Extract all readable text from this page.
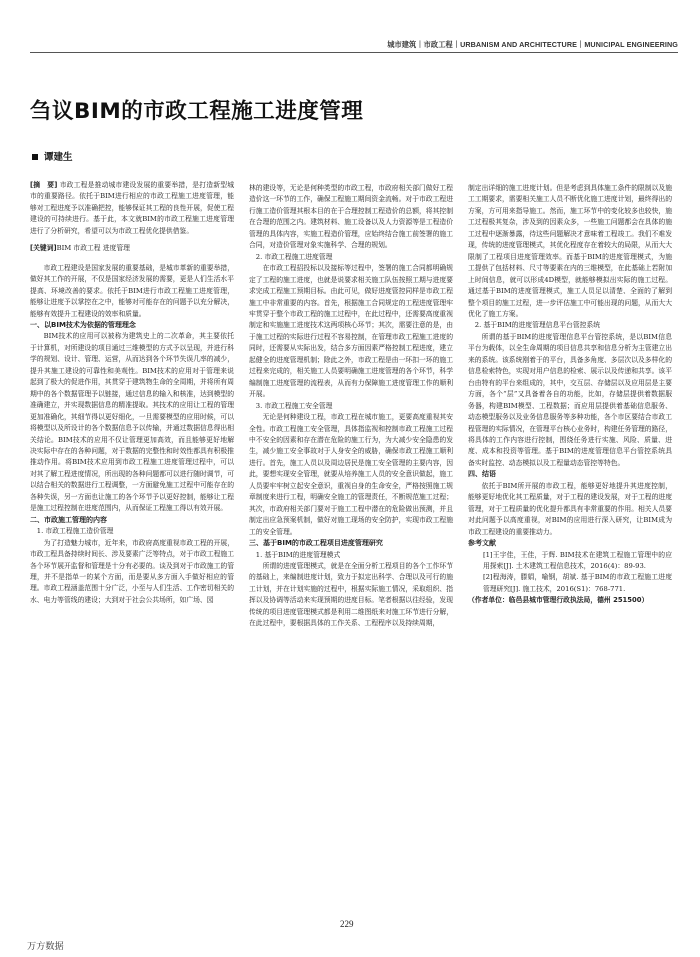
城市建筑｜市政工程｜URBANISM AND ARCHITECTURE｜MUNICIPAL ENGINEERING
刍议BIM的市政工程施工进度管理
谭建生

[摘　要] 市政工程是推动城市建设发展的重要举措，是打造新型城市的重要路径。依托于BIM进行相应的市政工程施工进度管理，能够对工程进度予以准确把控，能够保证其工程的良性开展，促使工程建设的可持续进行。基于此，本文就BIM的市政工程施工进度管理进行了分析研究，希望可以为市政工程优化提供借鉴。

[关键词]BIM 市政工程 进度管理

市政工程建设是国家发展的重要基础，是城市革新的重要举措，做好其工作的开展，不仅是国家经济发展的需要，更是人们生活水平提高、环境改善的要求。依托于BIM进行市政工程施工进度管理，能够让进度予以掌控在之中，能够对可能存在的问题予以充分解决，能够有效提升工程建设的效率和质量。

一、以BIM技术为依据的管理理念

BIM技术的应用可以被称为建筑史上的二次革命，其主要依托于计算机，对所建设的项目通过三维模型的方式予以呈现，并进行科学的规划、设计、管理、运营，从而达到各个环节失误几率的减少，提升其施工建设的可靠性和美观性。BIM技术的应用对于管理来说起到了极大的促进作用，其贯穿于建筑物生命的全周期，并将所有周期中的各个数据管理予以链接，通过信息的输入和核准，达到模型的准确建立，并实现数据信息的精准提取。其技术的应用让工程的管理更加准确化，其细节得以更好细化，一旦需要模型的应用时候，可以将模型以及所设计的各个数据信息予以传输，并通过数据信息得出相关结论。BIM技术的应用不仅让管理更加高效，而且能够更好地解决实际中存在的各种问题，对于数据的完整性和时效性都具有积极推推动作用。将BIM技术应用到市政工程施工进度管理过程中，可以对其了解工程进度情况，所出现的各种问题都可以进行随时调节，可以结合相关的数据进行工程调整，一方面避免施工过程中可能存在的各种失误，另一方面也让施工的各个环节予以更好控制，能够让工程是施工过程控制在进度范围内，从而保证工程施工得以有效开展。

二、市政施工管理的内容

1. 市政工程施工造价管理

为了打造魅力城市，近年来，市政府高度重视市政工程的开展，市政工程具备持续时间长、涉及要素广泛等特点，对于市政工程施工各个环节展开监督和管理是十分有必要的。谈及到对于市政施工的管理，并不是指单一的某个方面，而是要从多方面入手做好相应的管理。市政工程涵盖范围十分广泛，小至与人们生活、工作密切相关的水、电力等管线的建设；大到对于社会公共场所，如广场、园

林的建设等，无论是何种类型的市政工程，市政府相关部门做好工程造价这一环节的工作，确保工程施工期间资金流畅。对于市政工程进行施工造价管理其根本目的在于合理控制工程造价的总额，将其控制在合理的范围之内。建筑材料、施工设备以及人力资源等是工程造价管理的具体内容，实施工程造价管理，应始终结合施工前签署的施工合同，对造价管理对象实施科学、合理的规划。

2. 市政工程施工进度管理

在市政工程招投标以及接标等过程中，签署的施工合同都明确规定了工程的施工进度，也就是说要求相关施工队伍按照工期与进度要求完成工程施工预期目标。由此可见，做好进度管控同样是市政工程施工中非常重要的内容。首先，根据施工合同规定的工程进度管理牢牢贯穿于整个市政工程的施工过程中，在此过程中，还需要高度重视制定和实施施工进度技术这两项核心环节；其次，需要注意的是，由于施工过程的实际进行过程不容易控制，在管理市政工程施工进度的同时，还需要从实际出发，结合多方面因素严格控制工程进度，建立起健全的进度管理机制；除此之外，市政工程是由一环扣一环的施工过程来完成的，相关施工人员要明确施工进度管理的各个环节，科学编制施工进度管理的流程表，从而有力保障施工进度管理工作的顺利开展。

3. 市政工程施工安全管理

无论是何种建设工程，市政工程在城市施工，更要高度重视其安全性。市政工程施工安全管理，具体指监视和控制市政工程施工过程中不安全的因素和存在潜在危险的施工行为，为大减少安全隐患的发生，减少施工安全事故对于人身安全的威胁，确保市政工程施工顺利进行。首先，施工人员以及周边居民是施工安全管理的主要内容，因此，要想实现安全管理，就要从培养施工人员的安全意识做起，施工人员要牢牢树立起安全意识，重视自身的生命安全，严格按照施工规章制度来进行工程，明确安全施工的管理责任，不断规范施工过程；其次，市政府相关部门要对于施工工程中潜在的危险做出预测，并且制定出应急预案机制，做好对施工现场的安全防护，实现市政工程施工的安全管理。

三、基于BIM的市政工程项目进度管理研究

1. 基于BIM的进度管理模式

所谓的进度管理模式，就是在全面分析工程项目的各个工作环节的基础上，来编制进度计划，致力于拟定出科学、合理以及可行的施工计划，并在计划实施的过程中，根据实际施工情况，采取组织、指挥以及协调等活动来实现预期的进度目标。笔者根据以往经验，发现传统的项目进度管理模式都是利用二维图纸来对施工环节进行分解，在此过程中，要根据具体的工作关系、工程程序以及持续周期，

制定出详细的施工进度计划。但是考虑到具体施工条件的限制以及施工工期要求，需要相关施工人员不断优化施工进度计划，最终得出的方案，方可用来指导施工。然而，施工环节中的变化较多也较快，施工过程极其复杂，涉及到的因素众多，一些施工问题都会在具体的施工过程中逐渐暴露，待这些问题解决才意味着工程竣工。我们不难发现，传统的进度管理模式，其优化程度存在着较大的局限，从而大大限制了工程项目进度管理效率。而基于BIM的进度管理模式，为施工提供了包括材料、尺寸等要素在内的三维模型，在此基础上若附加上时间信息，就可以形成4D模型，就能够模拟出实际的施工过程。通过基于BIM的进度管理模式，施工人员足以清楚、全面的了解到整个项目的施工过程，进一步评估施工中可能出现的问题，从而大大优化了施工方案。

2. 基于BIM的进度管理信息平台管控系统

所谓的基于BIM的进度管理信息平台管控系统，是以BIM信息平台为载体，以全生命周期的项目信息共享和信息分析为主管建立出来的系统。该系统刚着于的平台，具备多角度、多层次以及多样化的信息检索特色，实现对用户信息的检索、展示以及传递和共享。该平台由特有的平台来组成的，其中，交互层、存储层以及应用层是主要方面，各个“层”又具备着各自的功能，比如，存储层提供着数据服务器，构建BIM模型、工程数据；而应用层提供着基础信息服务、动态模型服务以及业务信息服务等多种功能，各个市区要结合市政工程管理的实际情况，在管理平台核心业务时，构建任务管理的路径，将具体的工作内容进行控制，围绕任务进行实施、风险、质量、进度、成本和投资等管理。基于BIM的进度管理信息平台管控系统具备实时监控、动态模拟以及工程量动态管控等特色。

四、结语

依托于BIM所开展的市政工程，能够更好地提升其进度控制，能够更好地优化其工程质量，对于工程的建设发展，对于工程的进度管理，对于工程质量的优化提升都具有非常重要的作用。相关人员要对此问题予以高度重视，对BIM的应用进行深入研究，让BIM成为市政工程建设的重要推动力。

参考文献

[1]王宇佳，王佳，于辉. BIM技术在建筑工程施工管理中的应用探索[J]. 土木建筑工程信息技术，2016(4)：89-93.

[2]程海涛，滕娟，喻钢，胡斌. 基于BIM的市政工程施工进度管理研究[J]. 施工技术，2016(S1)：768-771.

（作者单位：临邑县城市管理行政执法局，德州 251500）

229
万方数据
